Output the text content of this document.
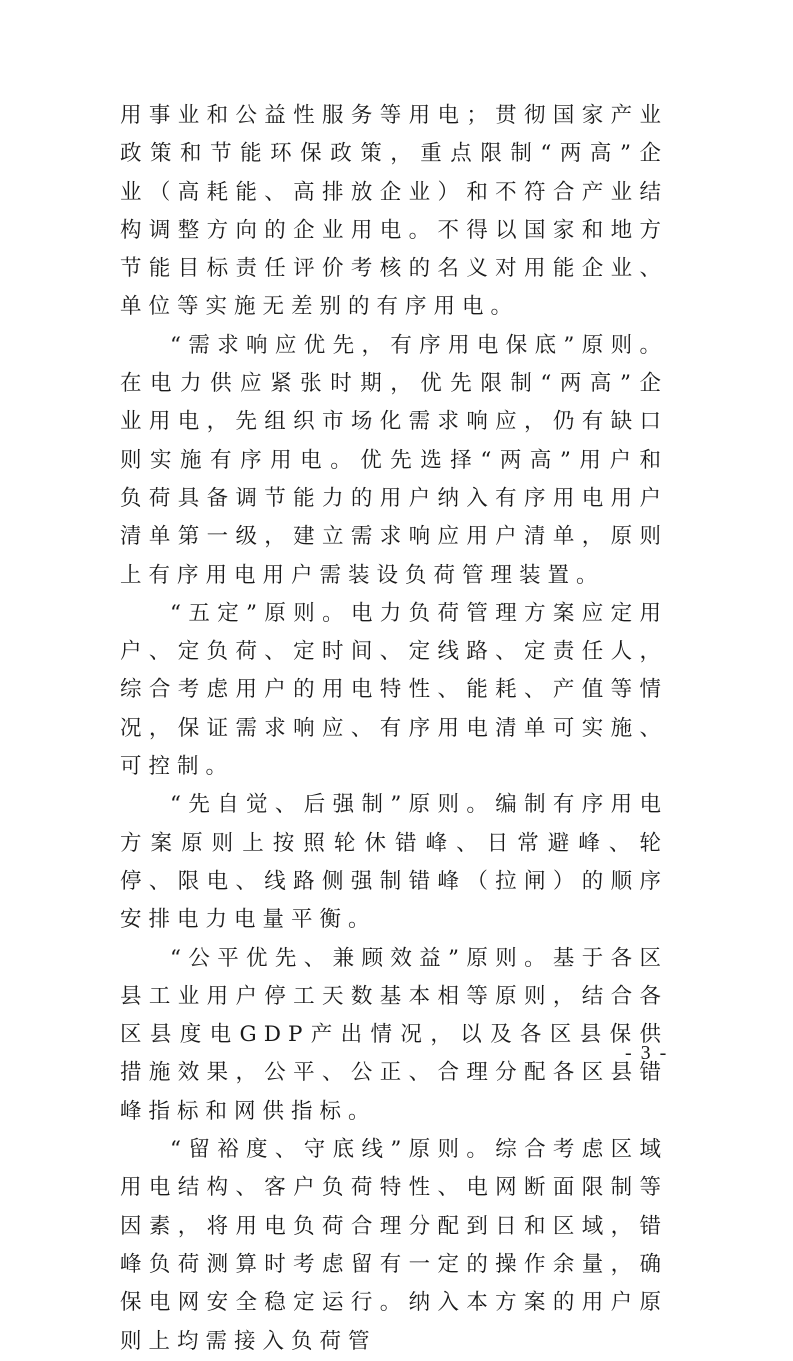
用事业和公益性服务等用电；贯彻国家产业政策和节能环保政策，重点限制“两高”企业（高耗能、高排放企业）和不符合产业结构调整方向的企业用电。不得以国家和地方节能目标责任评价考核的名义对用能企业、单位等实施无差别的有序用电。

“需求响应优先，有序用电保底”原则。在电力供应紧张时期，优先限制“两高”企业用电，先组织市场化需求响应，仍有缺口则实施有序用电。优先选择“两高”用户和负荷具备调节能力的用户纳入有序用电用户清单第一级，建立需求响应用户清单，原则上有序用电用户需装设负荷管理装置。

“五定”原则。电力负荷管理方案应定用户、定负荷、定时间、定线路、定责任人，综合考虑用户的用电特性、能耗、产值等情况，保证需求响应、有序用电清单可实施、可控制。

“先自觉、后强制”原则。编制有序用电方案原则上按照轮休错峰、日常避峰、轮停、限电、线路侧强制错峰（拉闸）的顺序安排电力电量平衡。

“公平优先、兼顾效益”原则。基于各区县工业用户停工天数基本相等原则，结合各区县度电GDP产出情况，以及各区县保供措施效果，公平、公正、合理分配各区县错峰指标和网供指标。

“留裕度、守底线”原则。综合考虑区域用电结构、客户负荷特性、电网断面限制等因素，将用电负荷合理分配到日和区域，错峰负荷测算时考虑留有一定的操作余量，确保电网安全稳定运行。纳入本方案的用户原则上均需接入负荷管

- 3 -
